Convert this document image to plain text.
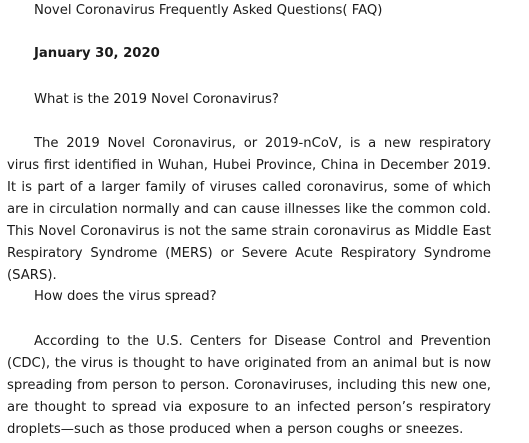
Novel Coronavirus Frequently Asked Questions( FAQ)

January 30, 2020

What is the 2019 Novel Coronavirus?

The 2019 Novel Coronavirus, or 2019-nCoV, is a new respiratory virus first identified in Wuhan, Hubei Province, China in December 2019. It is part of a larger family of viruses called coronavirus, some of which are in circulation normally and can cause illnesses like the common cold. This Novel Coronavirus is not the same strain coronavirus as Middle East Respiratory Syndrome (MERS) or Severe Acute Respiratory Syndrome (SARS).

How does the virus spread?

According to the U.S. Centers for Disease Control and Prevention (CDC), the virus is thought to have originated from an animal but is now spreading from person to person. Coronaviruses, including this new one, are thought to spread via exposure to an infected person’s respiratory droplets—such as those produced when a person coughs or sneezes.
